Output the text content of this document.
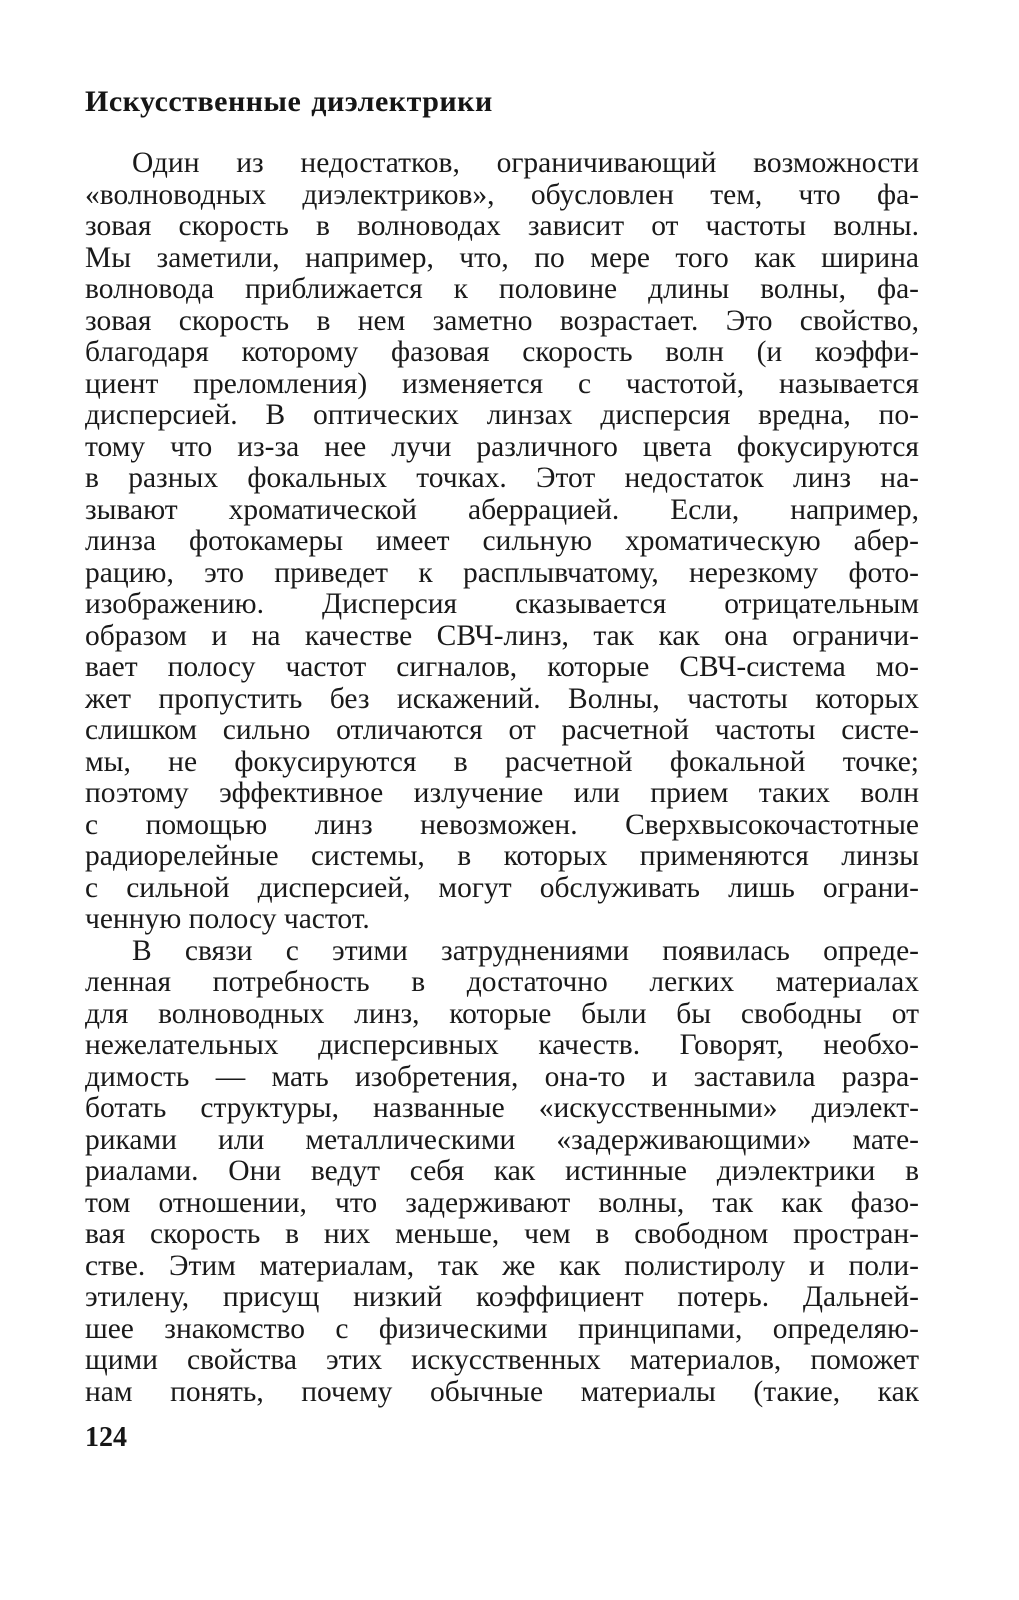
Искусственные диэлектрики
Один из недостатков, ограничивающий возможности
«волноводных диэлектриков», обусловлен тем, что фа-
зовая скорость в волноводах зависит от частоты волны.
Мы заметили, например, что, по мере того как ширина
волновода приближается к половине длины волны, фа-
зовая скорость в нем заметно возрастает. Это свойство,
благодаря которому фазовая скорость волн (и коэффи-
циент преломления) изменяется с частотой, называется
дисперсией. В оптических линзах дисперсия вредна, по-
тому что из-за нее лучи различного цвета фокусируются
в разных фокальных точках. Этот недостаток линз на-
зывают хроматической аберрацией. Если, например,
линза фотокамеры имеет сильную хроматическую абер-
рацию, это приведет к расплывчатому, нерезкому фото-
изображению. Дисперсия сказывается отрицательным
образом и на качестве СВЧ-линз, так как она ограничи-
вает полосу частот сигналов, которые СВЧ-система мо-
жет пропустить без искажений. Волны, частоты которых
слишком сильно отличаются от расчетной частоты систе-
мы, не фокусируются в расчетной фокальной точке;
поэтому эффективное излучение или прием таких волн
с помощью линз невозможен. Сверхвысокочастотные
радиорелейные системы, в которых применяются линзы
с сильной дисперсией, могут обслуживать лишь ограни-
ченную полосу частот.
В связи с этими затруднениями появилась опреде-
ленная потребность в достаточно легких материалах
для волноводных линз, которые были бы свободны от
нежелательных дисперсивных качеств. Говорят, необхо-
димость — мать изобретения, она-то и заставила разра-
ботать структуры, названные «искусственными» диэлект-
риками или металлическими «задерживающими» мате-
риалами. Они ведут себя как истинные диэлектрики в
том отношении, что задерживают волны, так как фазо-
вая скорость в них меньше, чем в свободном простран-
стве. Этим материалам, так же как полистиролу и поли-
этилену, присущ низкий коэффициент потерь. Дальней-
шее знакомство с физическими принципами, определяю-
щими свойства этих искусственных материалов, поможет
нам понять, почему обычные материалы (такие, как
124
